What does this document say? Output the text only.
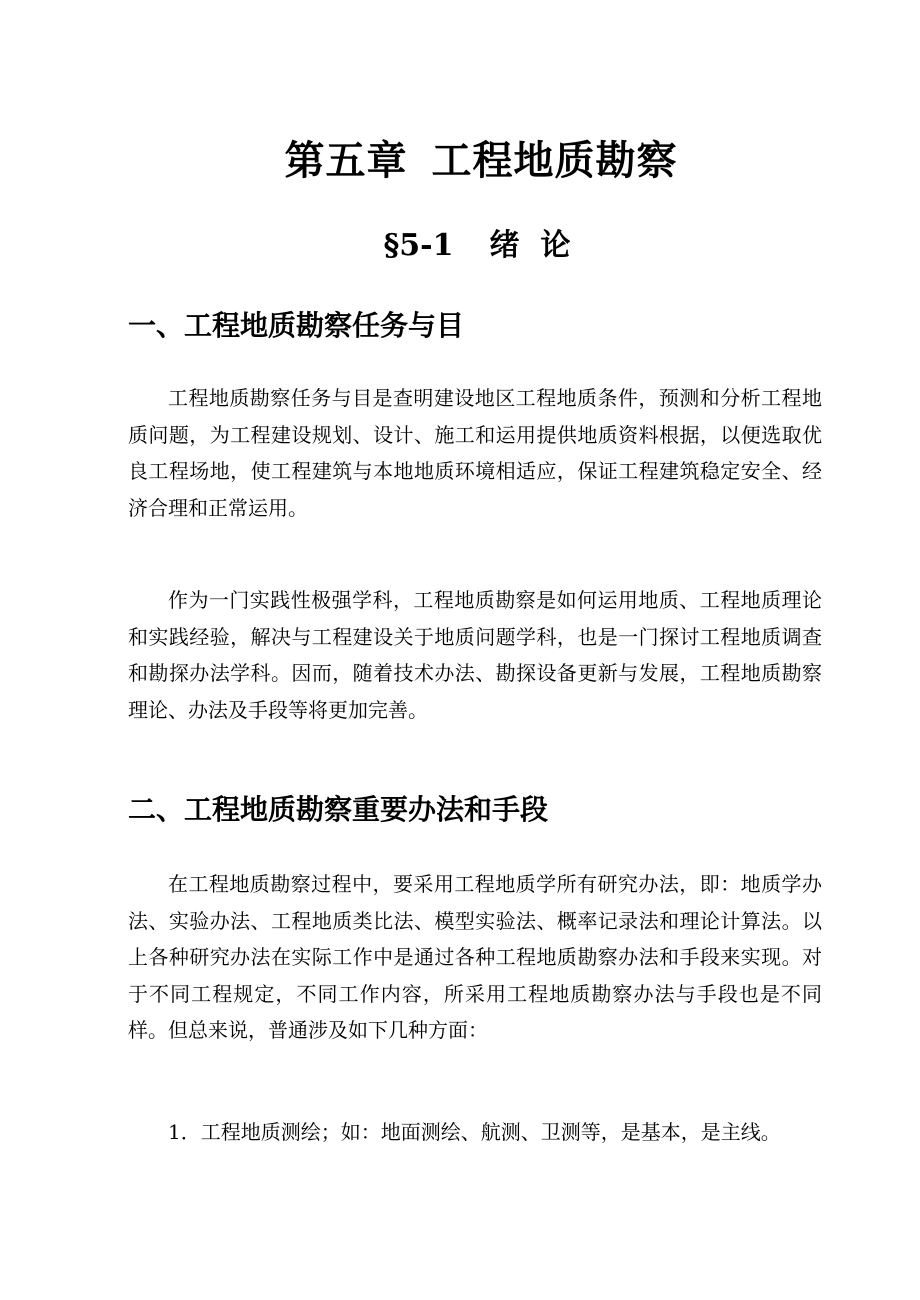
第五章 工程地质勘察
§5-1 绪  论
一、工程地质勘察任务与目

工程地质勘察任务与目是查明建设地区工程地质条件，预测和分析工程地质问题，为工程建设规划、设计、施工和运用提供地质资料根据，以便选取优良工程场地，使工程建筑与本地地质环境相适应，保证工程建筑稳定安全、经济合理和正常运用。

作为一门实践性极强学科，工程地质勘察是如何运用地质、工程地质理论和实践经验，解决与工程建设关于地质问题学科，也是一门探讨工程地质调查和勘探办法学科。因而，随着技术办法、勘探设备更新与发展，工程地质勘察理论、办法及手段等将更加完善。

二、工程地质勘察重要办法和手段

在工程地质勘察过程中，要采用工程地质学所有研究办法，即：地质学办法、实验办法、工程地质类比法、模型实验法、概率记录法和理论计算法。以上各种研究办法在实际工作中是通过各种工程地质勘察办法和手段来实现。对于不同工程规定，不同工作内容，所采用工程地质勘察办法与手段也是不同样。但总来说，普通涉及如下几种方面：

1．工程地质测绘；如：地面测绘、航测、卫测等，是基本，是主线。
